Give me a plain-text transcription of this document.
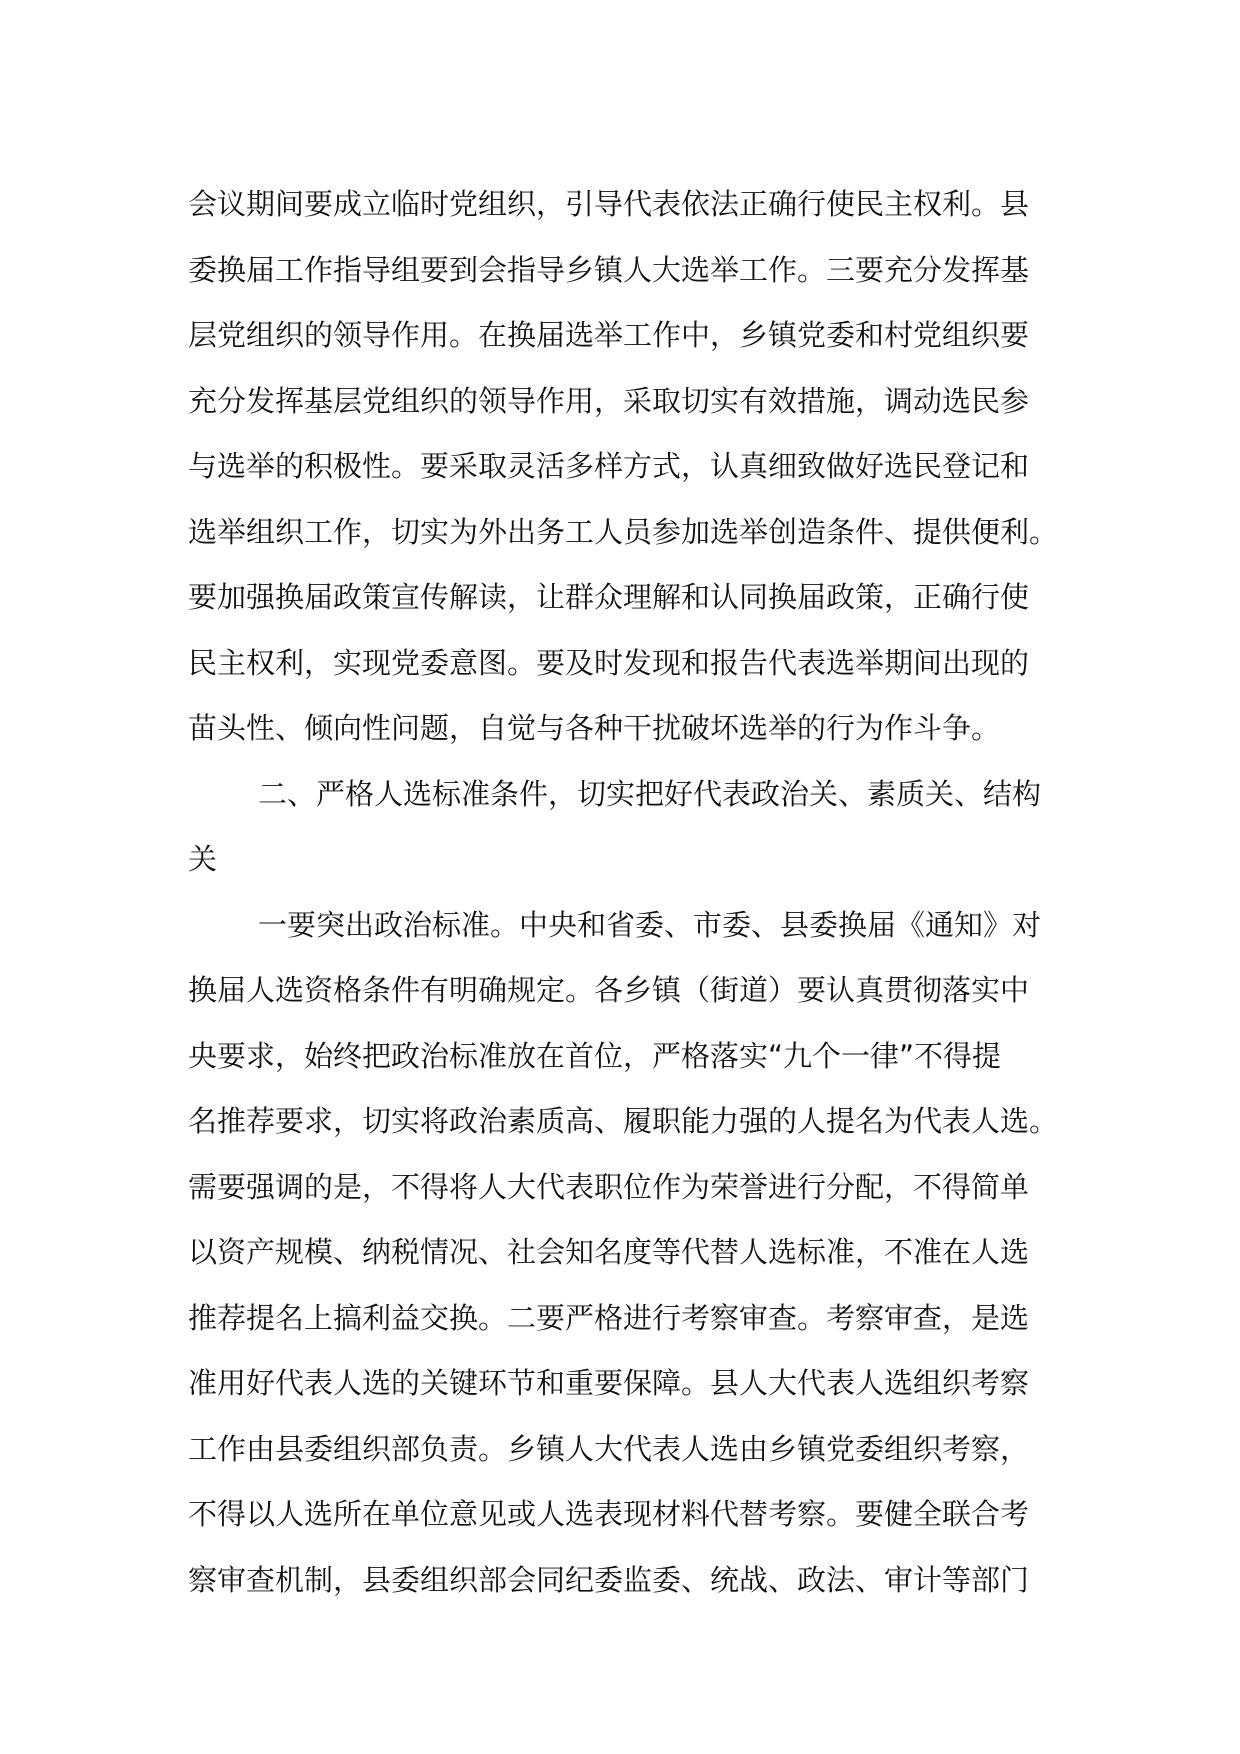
会议期间要成立临时党组织，引导代表依法正确行使民主权利。县
委换届工作指导组要到会指导乡镇人大选举工作。三要充分发挥基
层党组织的领导作用。在换届选举工作中，乡镇党委和村党组织要
充分发挥基层党组织的领导作用，采取切实有效措施，调动选民参
与选举的积极性。要采取灵活多样方式，认真细致做好选民登记和
选举组织工作，切实为外出务工人员参加选举创造条件、提供便利。
要加强换届政策宣传解读，让群众理解和认同换届政策，正确行使
民主权利，实现党委意图。要及时发现和报告代表选举期间出现的
苗头性、倾向性问题，自觉与各种干扰破坏选举的行为作斗争。
二、严格人选标准条件，切实把好代表政治关、素质关、结构
关
一要突出政治标准。中央和省委、市委、县委换届《通知》对
换届人选资格条件有明确规定。各乡镇（街道）要认真贯彻落实中
央要求，始终把政治标准放在首位，严格落实“九个一律”不得提
名推荐要求，切实将政治素质高、履职能力强的人提名为代表人选。
需要强调的是，不得将人大代表职位作为荣誉进行分配，不得简单
以资产规模、纳税情况、社会知名度等代替人选标准，不准在人选
推荐提名上搞利益交换。二要严格进行考察审查。考察审查，是选
准用好代表人选的关键环节和重要保障。县人大代表人选组织考察
工作由县委组织部负责。乡镇人大代表人选由乡镇党委组织考察，
不得以人选所在单位意见或人选表现材料代替考察。要健全联合考
察审查机制，县委组织部会同纪委监委、统战、政法、审计等部门
